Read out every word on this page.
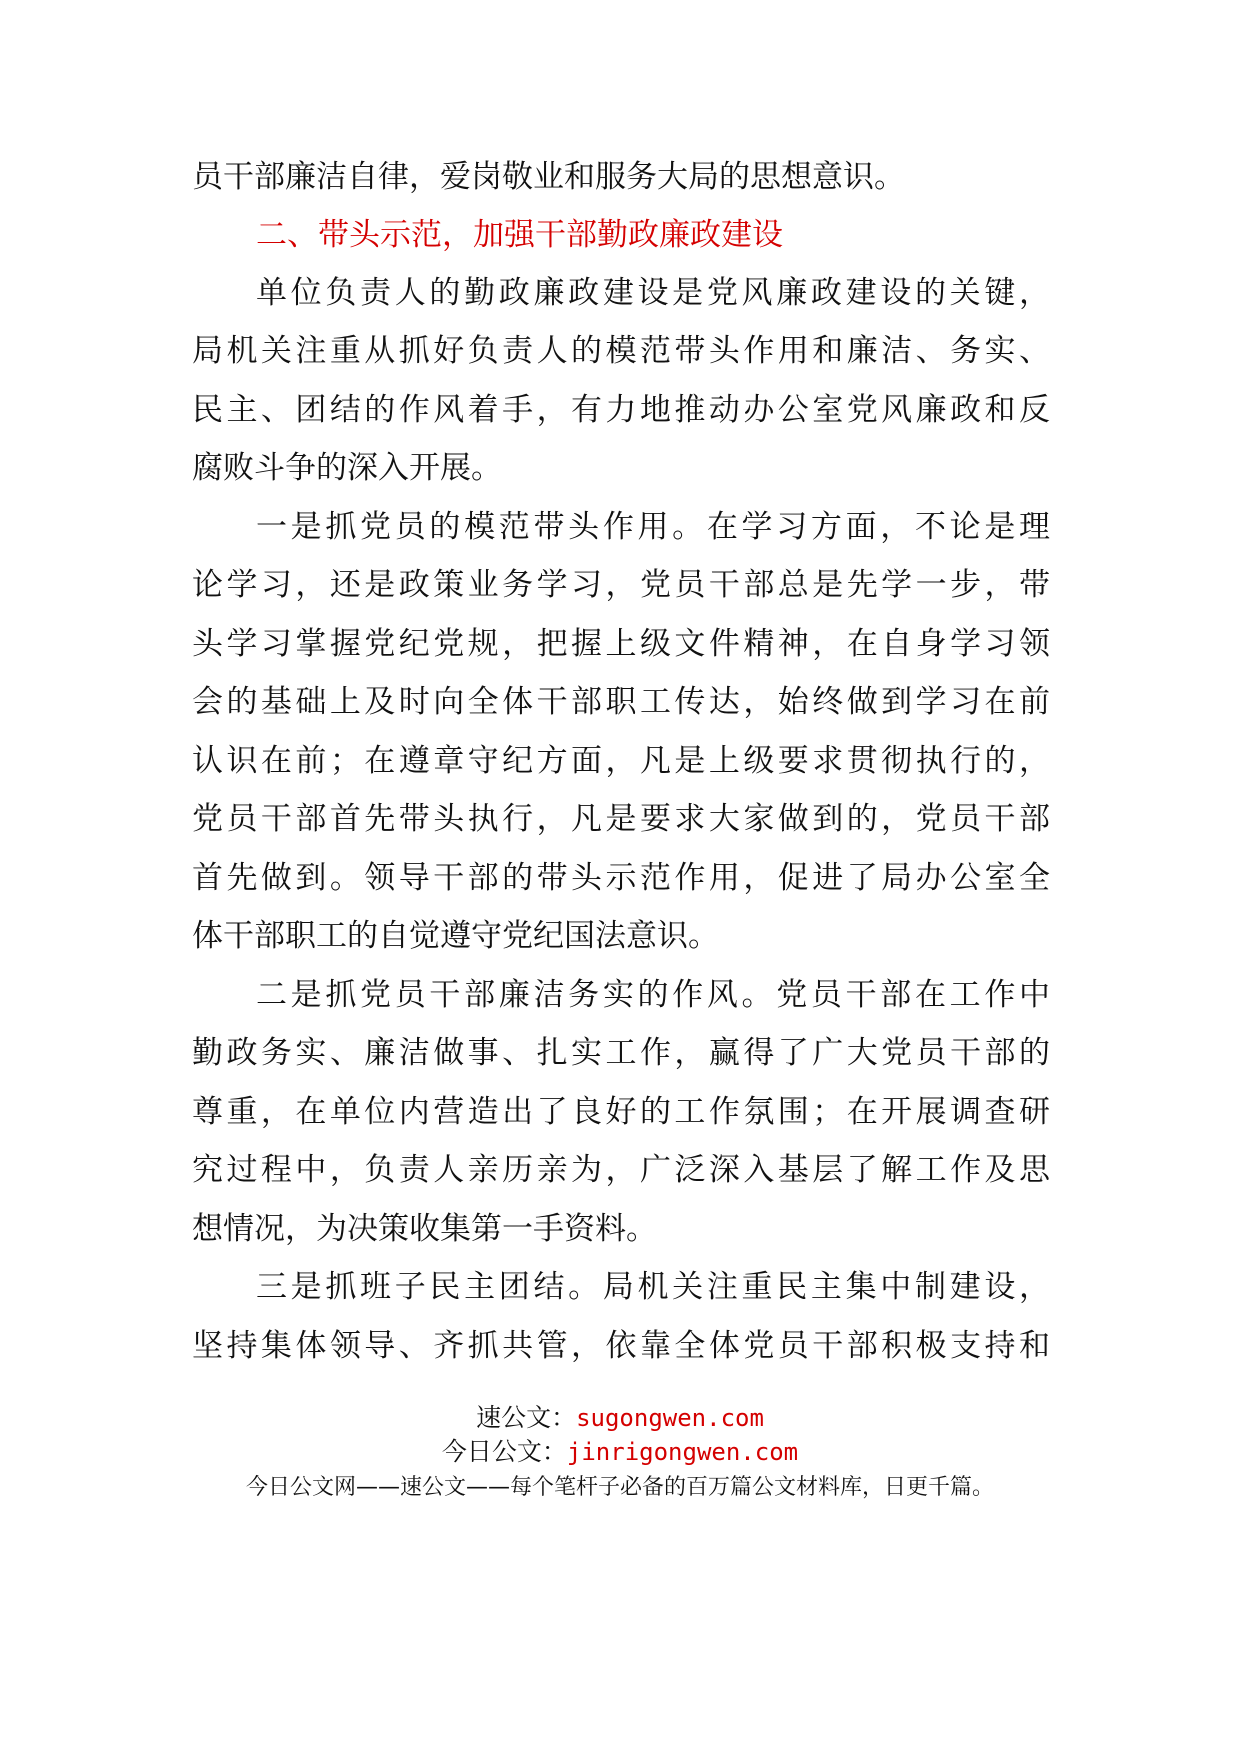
员干部廉洁自律，爱岗敬业和服务大局的思想意识。
二、带头示范，加强干部勤政廉政建设
单位负责人的勤政廉政建设是党风廉政建设的关键，
局机关注重从抓好负责人的模范带头作用和廉洁、务实、
民主、团结的作风着手，有力地推动办公室党风廉政和反
腐败斗争的深入开展。
一是抓党员的模范带头作用。在学习方面，不论是理
论学习，还是政策业务学习，党员干部总是先学一步，带
头学习掌握党纪党规，把握上级文件精神，在自身学习领
会的基础上及时向全体干部职工传达，始终做到学习在前
认识在前；在遵章守纪方面，凡是上级要求贯彻执行的，
党员干部首先带头执行，凡是要求大家做到的，党员干部
首先做到。领导干部的带头示范作用，促进了局办公室全
体干部职工的自觉遵守党纪国法意识。
二是抓党员干部廉洁务实的作风。党员干部在工作中
勤政务实、廉洁做事、扎实工作，赢得了广大党员干部的
尊重，在单位内营造出了良好的工作氛围；在开展调查研
究过程中，负责人亲历亲为，广泛深入基层了解工作及思
想情况，为决策收集第一手资料。
三是抓班子民主团结。局机关注重民主集中制建设，
坚持集体领导、齐抓共管，依靠全体党员干部积极支持和
速公文：sugongwen.com
今日公文：jinrigongwen.com
今日公文网——速公文——每个笔杆子必备的百万篇公文材料库，日更千篇。
